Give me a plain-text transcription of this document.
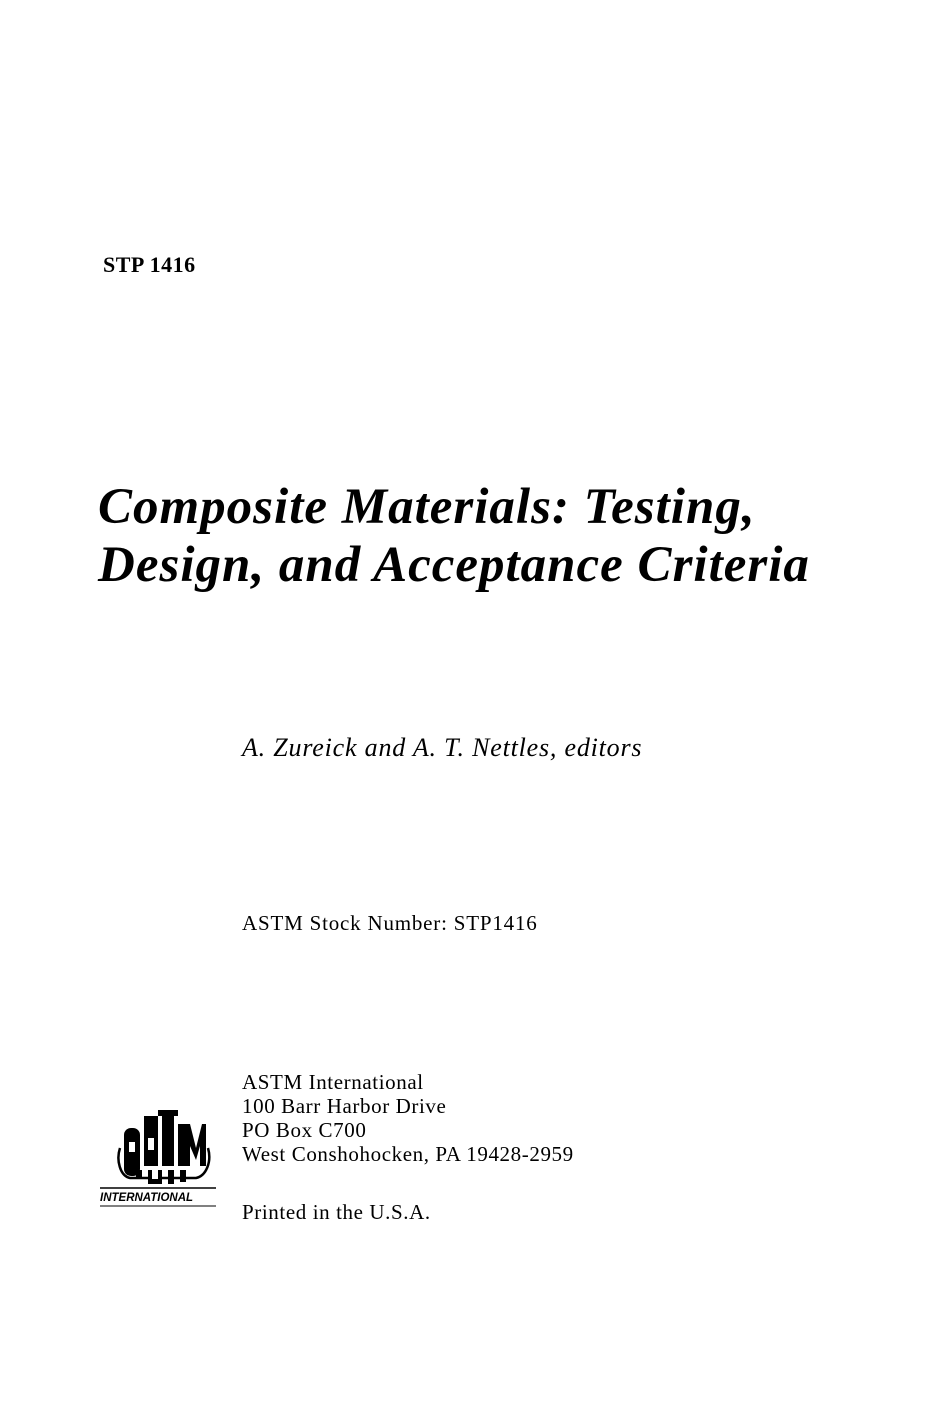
STP 1416
Composite Materials: Testing,
Design, and Acceptance Criteria
A. Zureick and A. T. Nettles, editors
ASTM Stock Number: STP1416
INTERNATIONAL
ASTM International
100 Barr Harbor Drive
PO Box C700
West Conshohocken, PA 19428-2959
Printed in the U.S.A.
